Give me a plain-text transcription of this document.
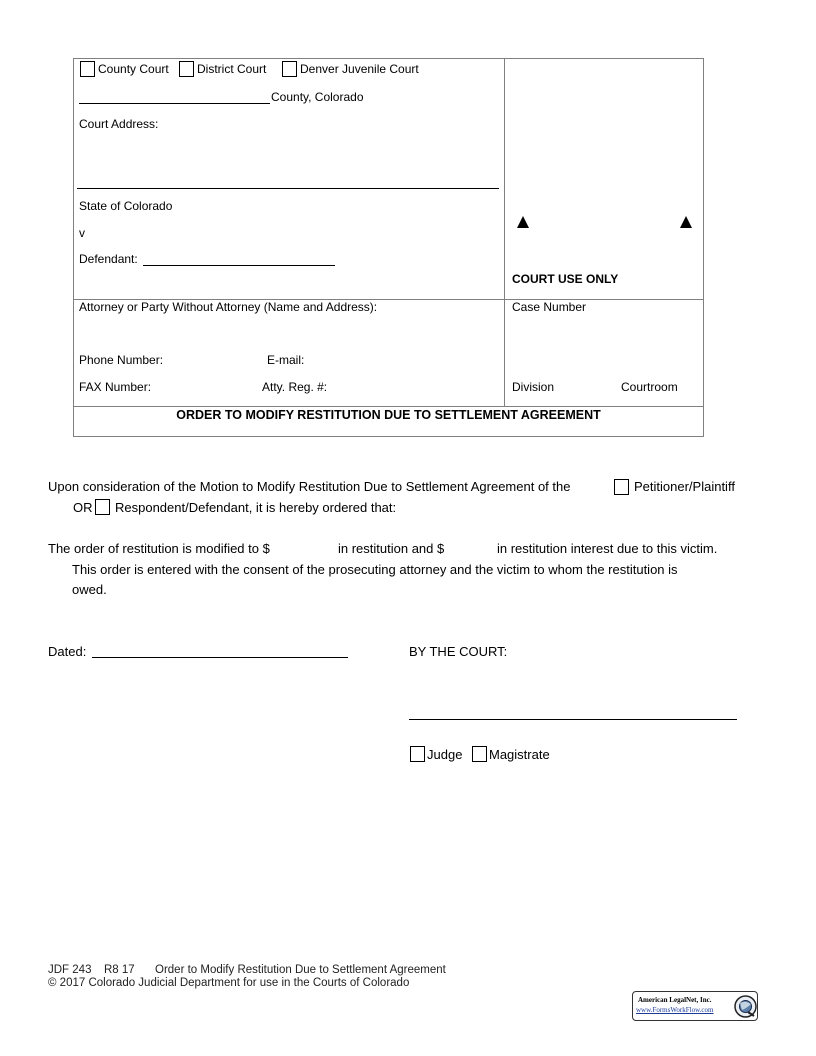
County Court District Court	Denver Juvenile Court
County, Colorado
Court Address:
State of Colorado
v
Defendant:
COURT USE ONLY
Attorney or Party Without Attorney (Name and Address):
Phone Number:	E-mail:
FAX Number:	Atty. Reg. #:
Case Number
Division	Courtroom
ORDER TO MODIFY RESTITUTION DUE TO SETTLEMENT AGREEMENT
Upon consideration of the Motion to Modify Restitution Due to Settlement Agreement of the	Petitioner/Plaintiff
OR Respondent/Defendant, it is hereby ordered that:
The order of restitution is modified to $	in restitution and $	in restitution interest due to this victim.
This order is entered with the consent of the prosecuting attorney and the victim to whom the restitution is
owed.
Dated:	BY THE COURT:
Judge Magistrate
JDF 243 R8 17 Order to Modify Restitution Due to Settlement Agreement
© 2017 Colorado Judicial Department for use in the Courts of Colorado
American LegalNet, Inc.
www.FormsWorkFlow.com
